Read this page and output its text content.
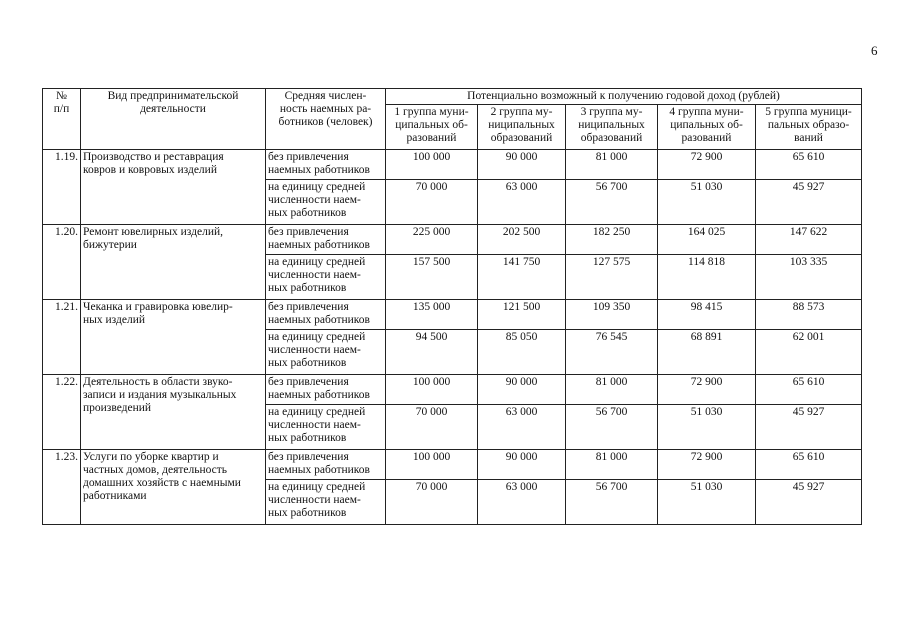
6
№
п/п	Вид предпринимательской
деятельности	Средняя числен-
ность наемных ра-
ботников (человек)	Потенциально возможный к получению годовой доход (рублей)				
			1 группа муни-
ципальных об-
разований	2 группа му-
ниципальных
образований	3 группа му-
ниципальных
образований	4 группа муни-
ципальных об-
разований	5 группа муници-
пальных образо-
ваний
1.19.	Производство и реставрация
ковров и ковровых изделий	без привлечения
наемных работников	100 000	90 000	81 000	72 900	65 610
		на единицу средней
численности наем-
ных работников	70 000	63 000	56 700	51 030	45 927
1.20.	Ремонт ювелирных изделий,
бижутерии	без привлечения
наемных работников	225 000	202 500	182 250	164 025	147 622
		на единицу средней
численности наем-
ных работников	157 500	141 750	127 575	114 818	103 335
1.21.	Чеканка и гравировка ювелир-
ных изделий	без привлечения
наемных работников	135 000	121 500	109 350	98 415	88 573
		на единицу средней
численности наем-
ных работников	94 500	85 050	76 545	68 891	62 001
1.22.	Деятельность в области звуко-
записи и издания музыкальных
произведений	без привлечения
наемных работников	100 000	90 000	81 000	72 900	65 610
		на единицу средней
численности наем-
ных работников	70 000	63 000	56 700	51 030	45 927
1.23.	Услуги по уборке квартир и
частных домов, деятельность
домашних хозяйств с наемными
работниками	без привлечения
наемных работников	100 000	90 000	81 000	72 900	65 610
		на единицу средней
численности наем-
ных работников	70 000	63 000	56 700	51 030	45 927
